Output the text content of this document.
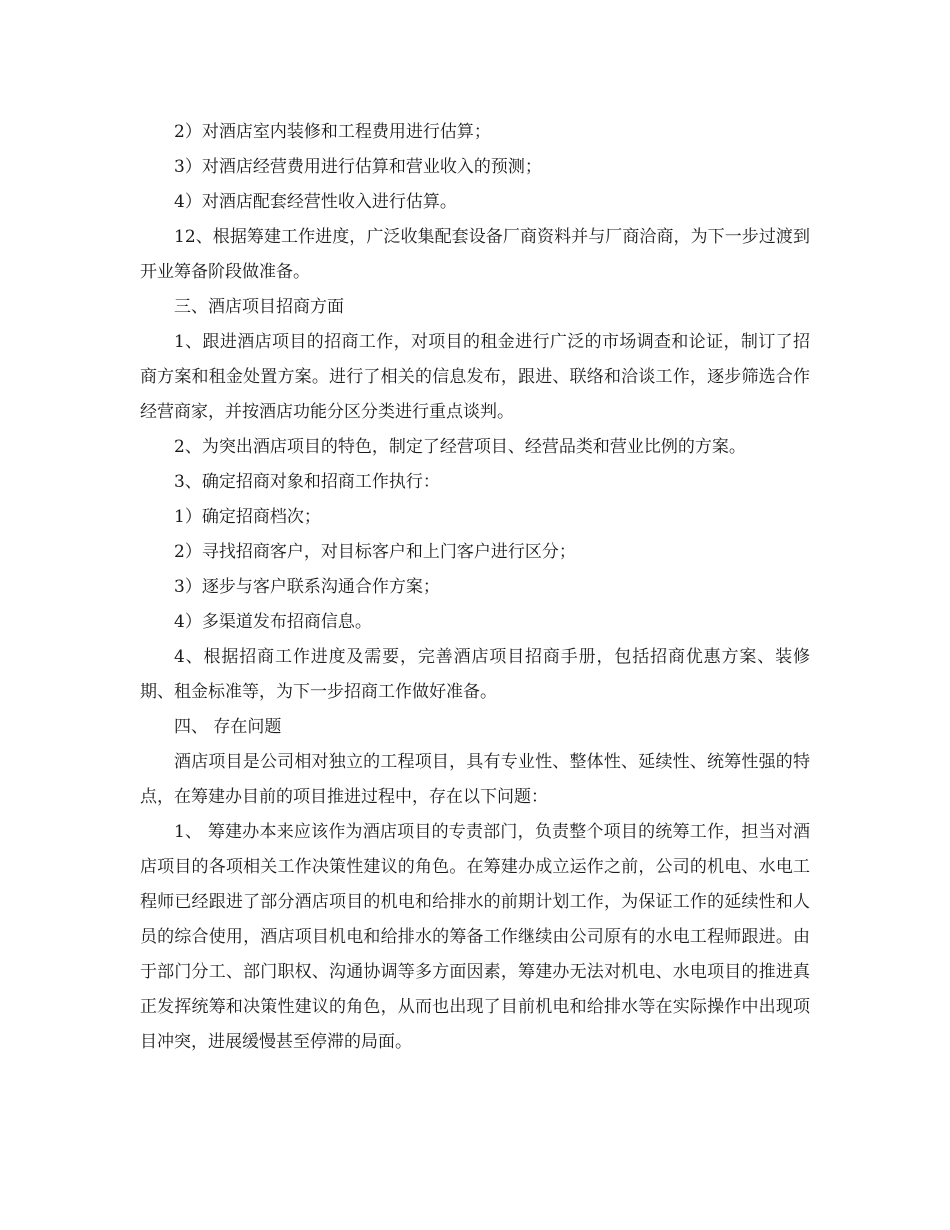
2）对酒店室内装修和工程费用进行估算；

3）对酒店经营费用进行估算和营业收入的预测；

4）对酒店配套经营性收入进行估算。

12、根据筹建工作进度，广泛收集配套设备厂商资料并与厂商洽商，为下一步过渡到开业筹备阶段做准备。

三、酒店项目招商方面

1、跟进酒店项目的招商工作，对项目的租金进行广泛的市场调查和论证，制订了招商方案和租金处置方案。进行了相关的信息发布，跟进、联络和洽谈工作，逐步筛选合作经营商家，并按酒店功能分区分类进行重点谈判。

2、为突出酒店项目的特色，制定了经营项目、经营品类和营业比例的方案。

3、确定招商对象和招商工作执行：

1）确定招商档次；

2）寻找招商客户，对目标客户和上门客户进行区分；

3）逐步与客户联系沟通合作方案；

4）多渠道发布招商信息。

4、根据招商工作进度及需要，完善酒店项目招商手册，包括招商优惠方案、装修期、租金标准等，为下一步招商工作做好准备。

四、 存在问题

酒店项目是公司相对独立的工程项目，具有专业性、整体性、延续性、统筹性强的特点，在筹建办目前的项目推进过程中，存在以下问题：

1、 筹建办本来应该作为酒店项目的专责部门，负责整个项目的统筹工作，担当对酒店项目的各项相关工作决策性建议的角色。在筹建办成立运作之前，公司的机电、水电工程师已经跟进了部分酒店项目的机电和给排水的前期计划工作，为保证工作的延续性和人员的综合使用，酒店项目机电和给排水的筹备工作继续由公司原有的水电工程师跟进。由于部门分工、部门职权、沟通协调等多方面因素，筹建办无法对机电、水电项目的推进真正发挥统筹和决策性建议的角色，从而也出现了目前机电和给排水等在实际操作中出现项目冲突，进展缓慢甚至停滞的局面。
